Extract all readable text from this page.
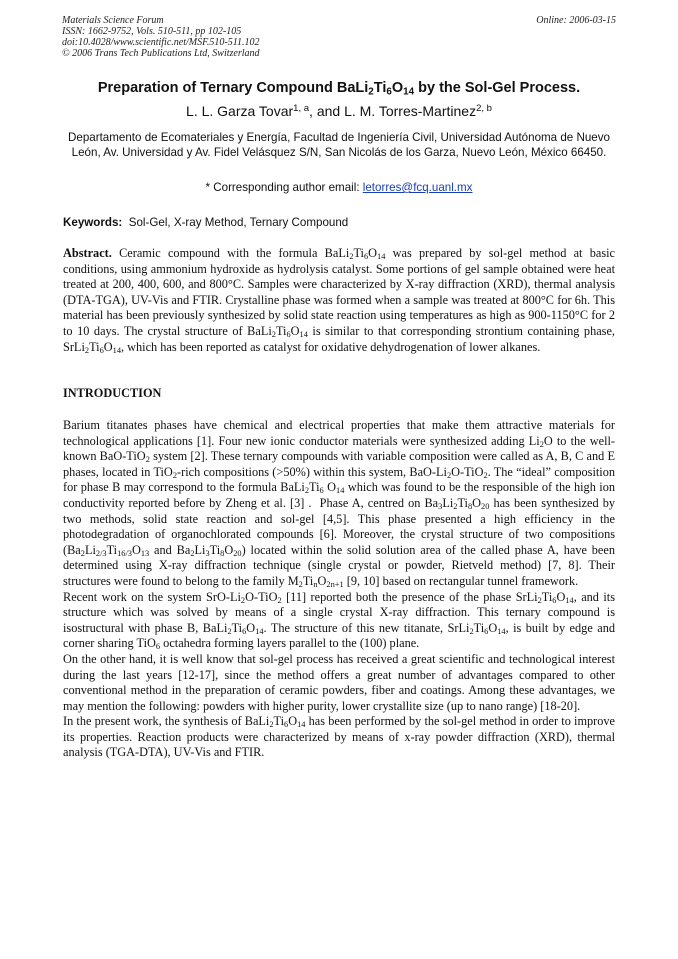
Materials Science Forum
ISSN: 1662-9752, Vols. 510-511, pp 102-105
doi:10.4028/www.scientific.net/MSF.510-511.102
© 2006 Trans Tech Publications Ltd, Switzerland
Online: 2006-03-15
Preparation of Ternary Compound $BaLi_2Ti_6O_{14}$ by the Sol-Gel Process.
L. L. Garza Tovar$^{1, a}$, and L. M. Torres-Martinez$^{2, b}$
Departamento de Ecomateriales y Energía, Facultad de Ingeniería Civil, Universidad Autónoma de Nuevo León, Av. Universidad y Av. Fidel Velásquez S/N, San Nicolás de los Garza, Nuevo León, México 66450.
* Corresponding author email: letorres@fcq.uanl.mx
Keywords: Sol-Gel, X-ray Method, Ternary Compound

Abstract. Ceramic compound with the formula $BaLi_2Ti_6O_{14}$ was prepared by sol-gel method at basic conditions, using ammonium hydroxide as hydrolysis catalyst. Some portions of gel sample obtained were heat treated at 200, 400, 600, and 800°C. Samples were characterized by X-ray diffraction (XRD), thermal analysis (DTA-TGA), UV-Vis and FTIR. Crystalline phase was formed when a sample was treated at 800°C for 6h. This material has been previously synthesized by solid state reaction using temperatures as high as 900-1150°C for 2 to 10 days. The crystal structure of $BaLi_2Ti_6O_{14}$ is similar to that corresponding strontium containing phase, $SrLi_2Ti_6O_{14}$, which has been reported as catalyst for oxidative dehydrogenation of lower alkanes.

INTRODUCTION

Barium titanates phases have chemical and electrical properties that make them attractive materials for technological applications [1]. Four new ionic conductor materials were synthesized adding $Li_2O$ to the well-known BaO-TiO$_2$ system [2]. These ternary compounds with variable composition were called as A, B, C and E phases, located in TiO$_2$-rich compositions (>50%) within this system, BaO-$Li_2O-TiO_2$. The “ideal” composition for phase B may correspond to the formula $BaLi_2Ti_6$ $O_{14}$ which was found to be the responsible of the high ion conductivity reported before by Zheng et al. [3] .  Phase A, centred on $Ba_3Li_2Ti_8O_{20}$ has been synthesized by two methods, solid state reaction and sol-gel [4,5]. This phase presented a high efficiency in the photodegradation of organochlorated compounds [6]. Moreover, the crystal structure of two compositions ($Ba_2Li_{2/3}Ti_{16/3}O_{13}$ and $Ba_2Li_3Ti_8O_{20}$) located within the solid solution area of the called phase A, have been determined using X-ray diffraction technique (single crystal or powder, Rietveld method) [7, 8]. Their structures were found to belong to the family $M_2Ti_nO_{2n+1}$ [9, 10] based on rectangular tunnel framework.

Recent work on the system SrO-$Li_2O-TiO_2$ [11] reported both the presence of the phase $SrLi_2Ti_6O_{14}$, and its structure which was solved by means of a single crystal X-ray diffraction. This ternary compound is isostructural with phase B, $BaLi_2Ti_6O_{14}$. The structure of this new titanate, $SrLi_2Ti_6O_{14}$, is built by edge and corner sharing TiO$_6$ octahedra forming layers parallel to the (100) plane.

On the other hand, it is well know that sol-gel process has received a great scientific and technological interest during the last years [12-17], since the method offers a great number of advantages compared to other conventional method in the preparation of ceramic powders, fiber and coatings. Among these advantages, we may mention the following: powders with higher purity, lower crystallite size (up to nano range) [18-20].

In the present work, the synthesis of $BaLi_2Ti_6O_{14}$ has been performed by the sol-gel method in order to improve its properties. Reaction products were characterized by means of x-ray powder diffraction (XRD), thermal analysis (TGA-DTA), UV-Vis and FTIR.
